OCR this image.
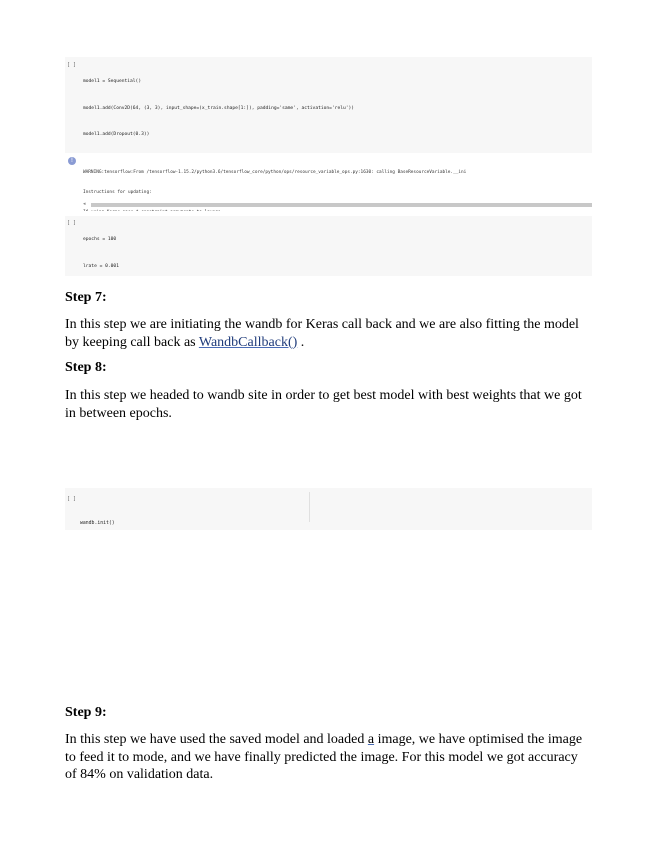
[ ]

model1 = Sequential()

model1.add(Conv2D(64, (3, 3), input_shape=(x_train.shape[1:]), padding='same', activation='relu'))

model1.add(Dropout(0.3))

!

WARNING:tensorflow:From /tensorflow-1.15.2/python3.6/tensorflow_core/python/ops/resource_variable_ops.py:1630: calling BaseResourceVariable.__ini

Instructions for updating:

◂
[ ]

epochs = 100

lrate = 0.001

Step 7:
In this step we are initiating the wandb for Keras call back and we are also fitting the model by keeping call back as WandbCallback() .
Step 8:
In this step we headed to wandb site in order to get best model with best weights that we got in between epochs.
[ ]

wandb.init()

Step 9:
In this step we have used the saved model and loaded a image, we have optimised the image to feed it to mode, and we have finally predicted the image. For this model we got accuracy of 84% on validation data.
